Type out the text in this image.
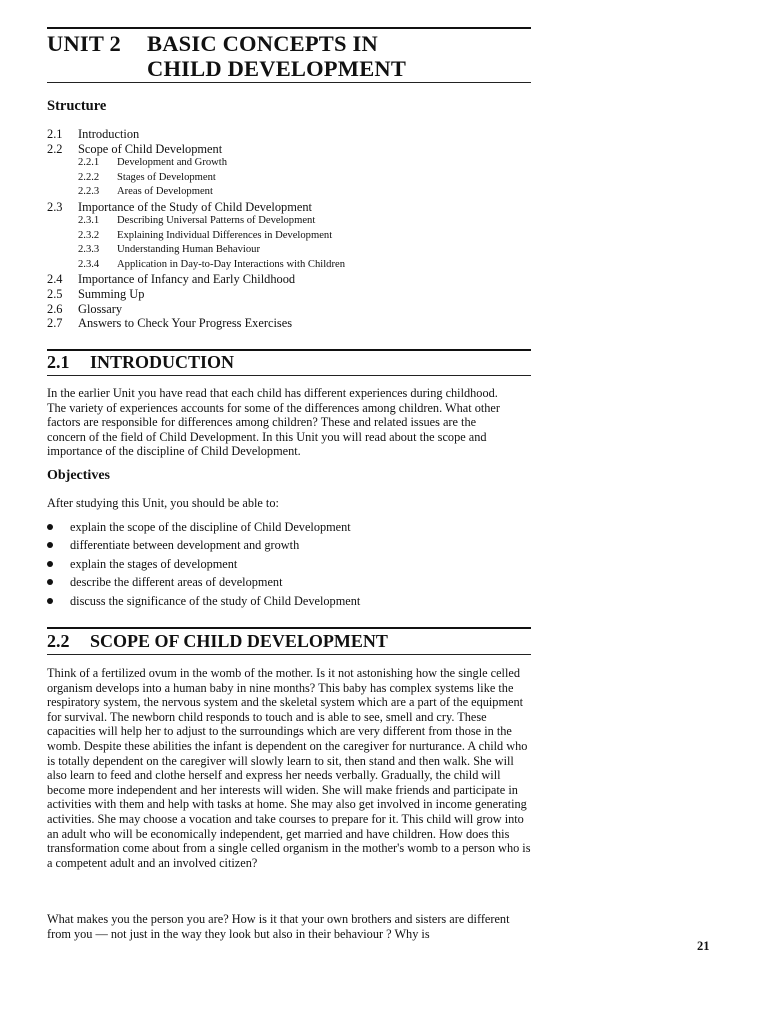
UNIT 2 BASIC CONCEPTS IN
CHILD DEVELOPMENT
Structure
2.1 Introduction
2.2 Scope of Child Development
2.2.1 Development and Growth
2.2.2 Stages of Development
2.2.3 Areas of Development
2.3 Importance of the Study of Child Development
2.3.1 Describing Universal Patterns of Development
2.3.2 Explaining Individual Differences in Development
2.3.3 Understanding Human Behaviour
2.3.4 Application in Day-to-Day Interactions with Children
2.4 Importance of Infancy and Early Childhood
2.5 Summing Up
2.6 Glossary
2.7 Answers to Check Your Progress Exercises
2.1 INTRODUCTION
In the earlier Unit you have read that each child has different experiences during childhood. The variety of experiences accounts for some of the differences among children. What other factors are responsible for differences among children? These and related issues are the concern of the field of Child Development. In this Unit you will read about the scope and importance of the discipline of Child Development.
Objectives
After studying this Unit, you should be able to:
explain the scope of the discipline of Child Development
differentiate between development and growth
explain the stages of development
describe the different areas of development
discuss the significance of the study of Child Development
2.2 SCOPE OF CHILD DEVELOPMENT
Think of a fertilized ovum in the womb of the mother. Is it not astonishing how the single celled organism develops into a human baby in nine months? This baby has complex systems like the respiratory system, the nervous system and the skeletal system which are a part of the equipment for survival. The newborn child responds to touch and is able to see, smell and cry. These capacities will help her to adjust to the surroundings which are very different from those in the womb. Despite these abilities the infant is dependent on the caregiver for nurturance. A child who is totally dependent on the caregiver will slowly learn to sit, then stand and then walk. She will also learn to feed and clothe herself and express her needs verbally. Gradually, the child will become more independent and her interests will widen. She will make friends and participate in activities with them and help with tasks at home. She may also get involved in income generating activities. She may choose a vocation and take courses to prepare for it. This child will grow into an adult who will be economically independent, get married and have children. How does this transformation come about from a single celled organism in the mother's womb to a person who is a competent adult and an involved citizen?
What makes you the person you are? How is it that your own brothers and sisters are different from you — not just in the way they look but also in their behaviour ? Why is
21
